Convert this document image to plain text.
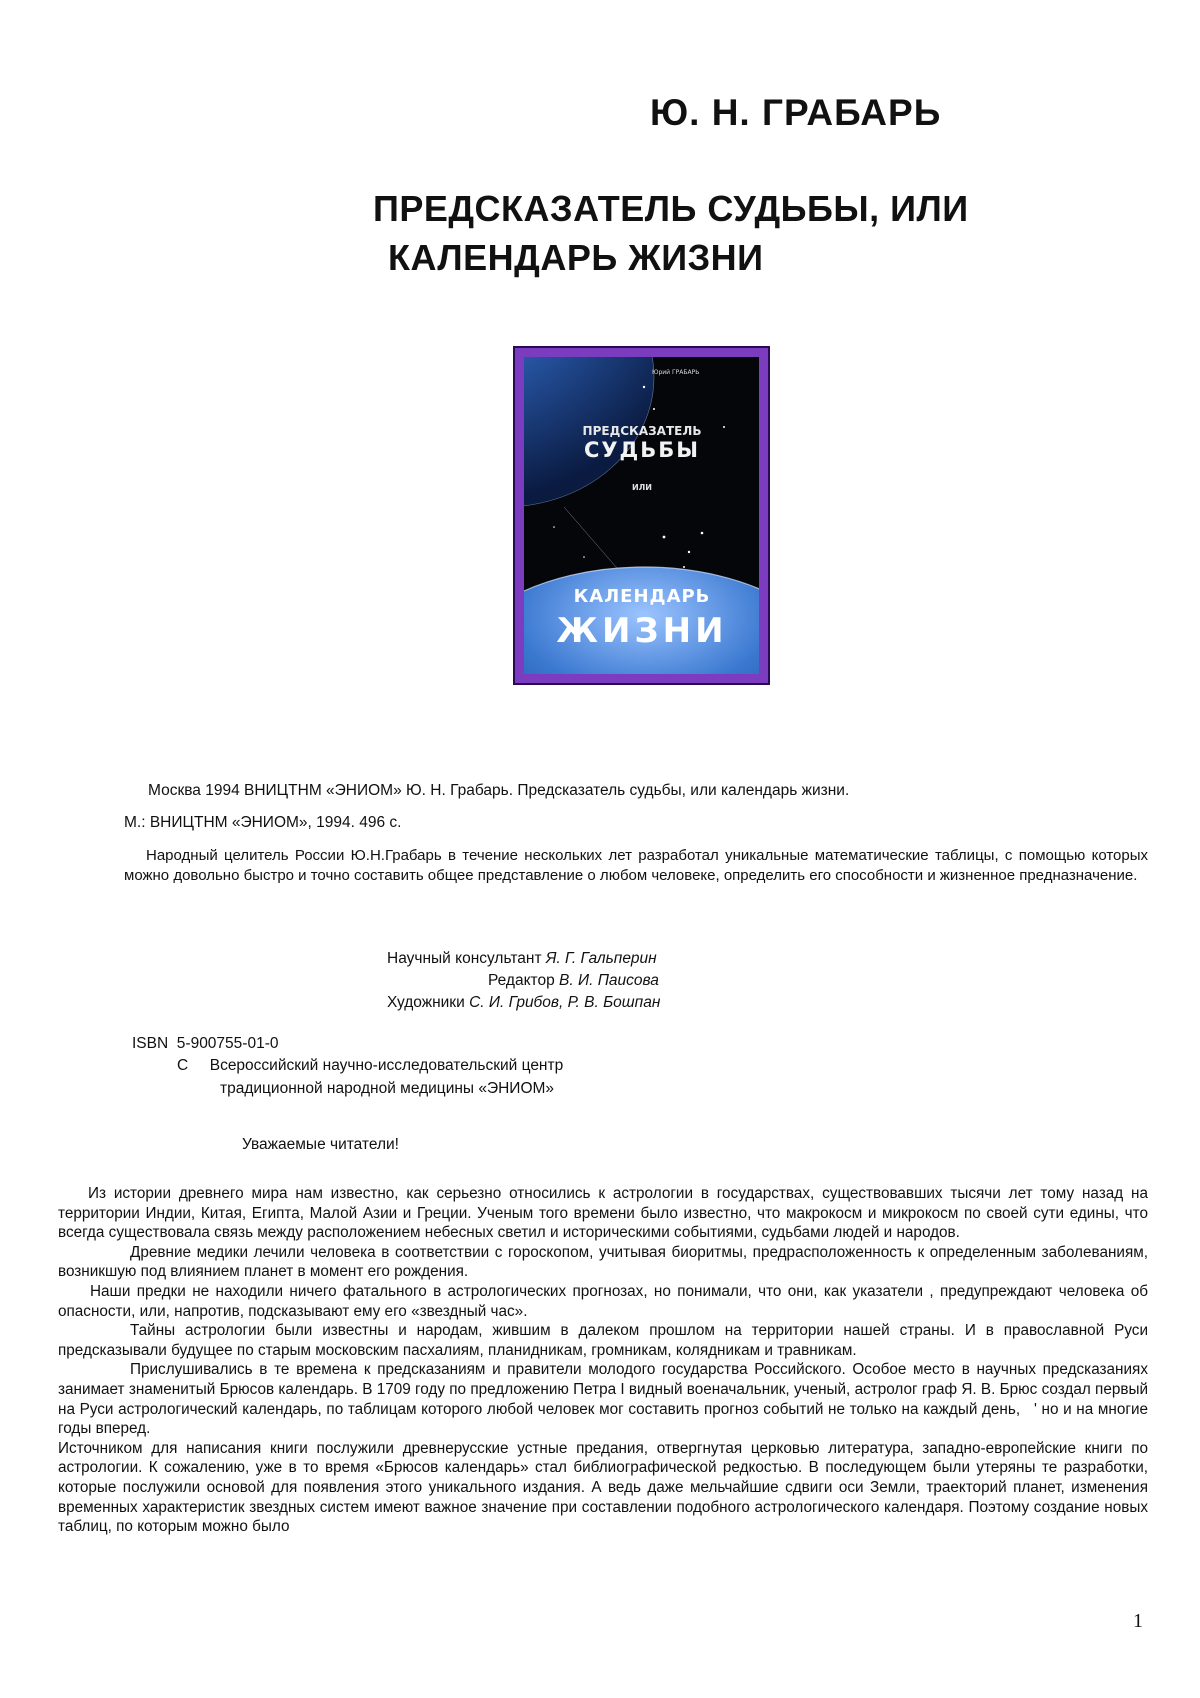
Ю. Н. ГРАБАРЬ
ПРЕДСКАЗАТЕЛЬ СУДЬБЫ, ИЛИ
КАЛЕНДАРЬ ЖИЗНИ
Юрий ГРАБАРЬ
ПРЕДСКАЗАТЕЛЬ
СУДЬБЫ
ИЛИ
КАЛЕНДАРЬ
ЖИЗНИ
Москва 1994 ВНИЦТНМ «ЭНИОМ» Ю. Н. Грабарь. Предсказатель судьбы, или календарь жизни.
М.: ВНИЦТНМ «ЭНИОМ», 1994. 496 с.

Народный целитель России Ю.Н.Грабарь в течение нескольких лет разработал уникальные математические таблицы, с помощью которых можно довольно быстро и точно составить общее представление о любом человеке, определить его способности и жизненное предназначение.

Научный консультант Я. Г. Гальперин
Редактор В. И. Паисова
Художники С. И. Грибов, Р. В. Бошпан
ISBN  5-900755-01-0
С     Всероссийский научно-исследовательский центр
традиционной народной медицины «ЭНИОМ»
Уважаемые читатели!

Из истории древнего мира нам известно, как серьезно относились к астрологии в государствах, существовавших тысячи лет тому назад на территории Индии, Китая, Египта, Малой Азии и Греции. Ученым того времени было известно, что макрокосм и микрокосм по своей сути едины, что всегда существовала связь между расположением небесных светил и историческими событиями, судьбами людей и народов.

Древние медики лечили человека в соответствии с гороскопом, учитывая биоритмы, предрасположенность к определенным заболеваниям, возникшую под влиянием планет в момент его рождения.

Наши предки не находили ничего фатального в астрологических прогнозах, но понимали, что они, как указатели , предупреждают человека об опасности, или, напротив, подсказывают ему его «звездный час».

Тайны астрологии были известны и народам, жившим в далеком прошлом на территории нашей страны. И в православной Руси предсказывали будущее по старым московским пасхалиям, планидникам, громникам, колядникам и травникам.

Прислушивались в те времена к предсказаниям и правители молодого государства Российского. Особое место в научных предсказаниях занимает знаменитый Брюсов календарь. В 1709 году по предложению Петра I видный военачальник, ученый, астролог граф Я. В. Брюс создал первый на Руси астрологический календарь, по таблицам которого любой человек мог составить прогноз событий не только на каждый день,   ' но и на многие годы вперед.

Источником для написания книги послужили древнерусские устные предания, отвергнутая церковью литература, западно-европейские книги по астрологии. К сожалению, уже в то время «Брюсов календарь» стал библиографической редкостью. В последующем были утеряны те разработки, которые послужили основой для появления этого уникального издания. А ведь даже мельчайшие сдвиги оси Земли, траекторий планет, изменения временных характеристик звездных систем имеют важное значение при составлении подобного астрологического календаря. Поэтому создание новых таблиц, по которым можно было

1
